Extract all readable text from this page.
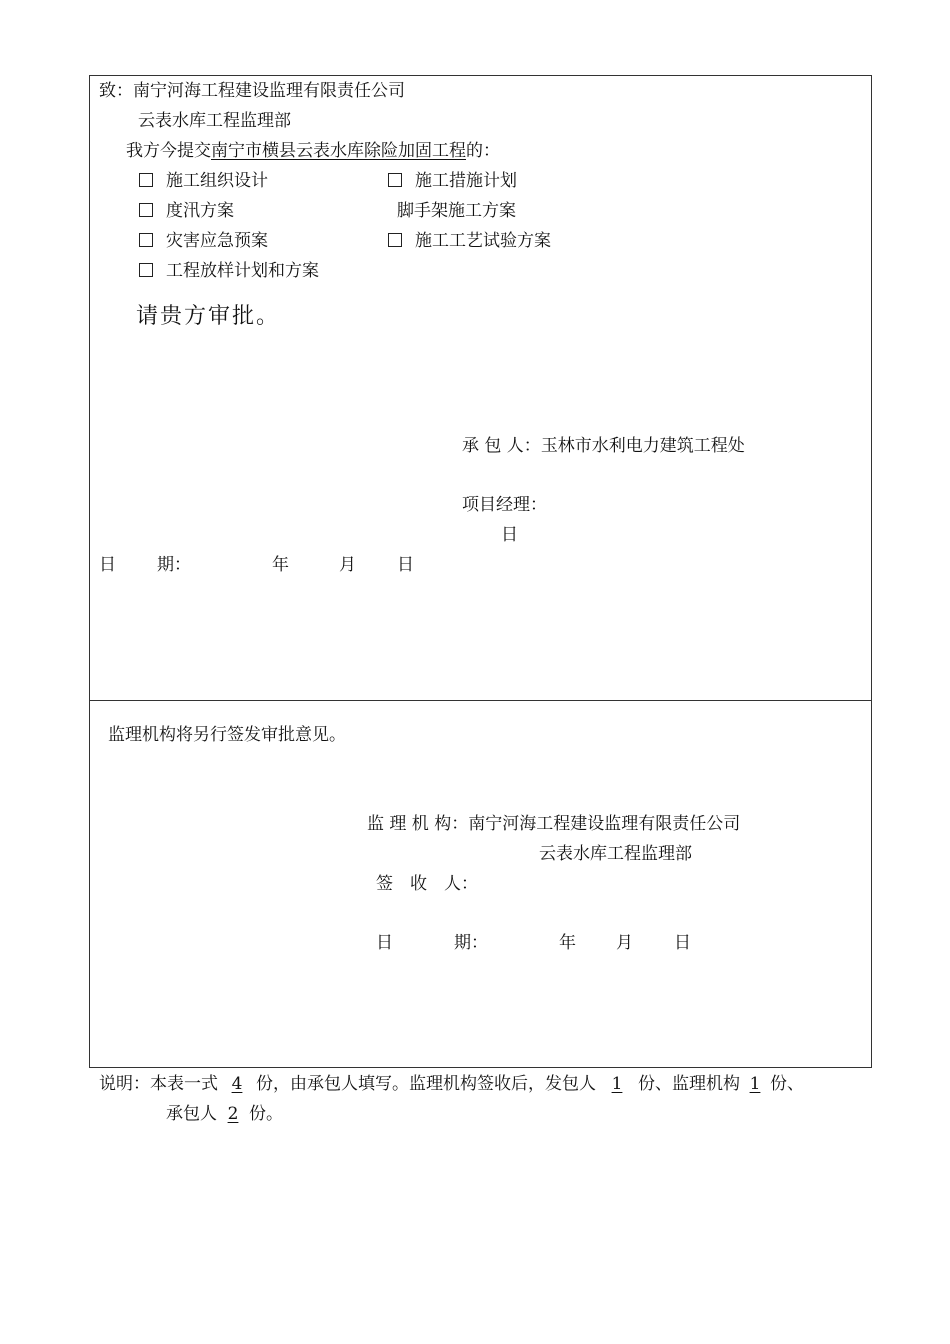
致：南宁河海工程建设监理有限责任公司
云表水库工程监理部
我方今提交南宁市横县云表水库除险加固工程的：
施工组织设计	施工措施计划
度汛方案	脚手架施工方案
灾害应急预案	施工工艺试验方案
工程放样计划和方案
请贵方审批。
承 包 人：玉林市水利电力建筑工程处
项目经理：
日
日 期：	年	月 日
监理机构将另行签发审批意见。
监 理 机 构：南宁河海工程建设监理有限责任公司
云表水库工程监理部
签　收　人：
日	期：	年 月 日
说明：本表一式 4 份，由承包人填写。监理机构签收后，发包人 1 份、监理机构 1 份、
承包人 2 份。
